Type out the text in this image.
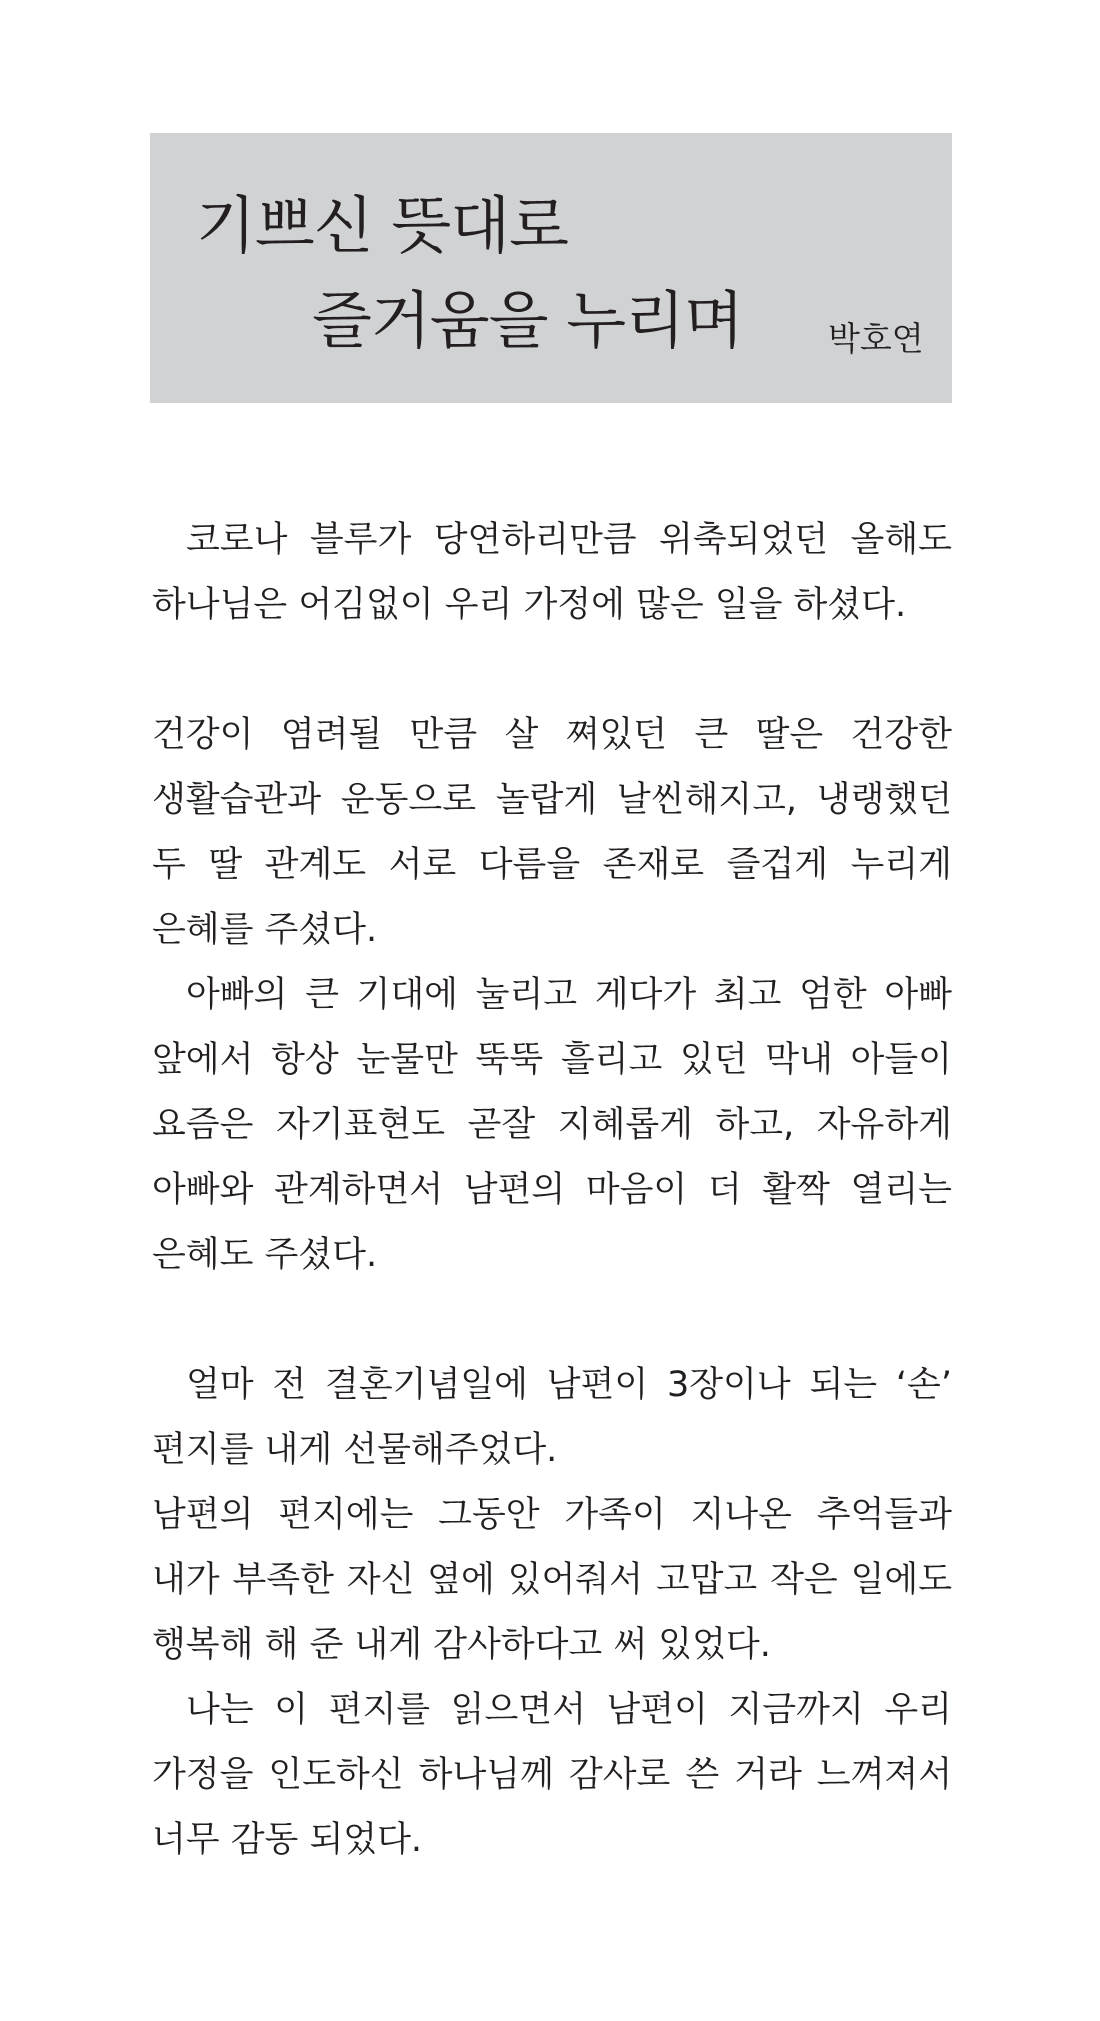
기쁘신 뜻대로
즐거움을 누리며	박호연

코로나 블루가 당연하리만큼 위축되었던 올해도 하나님은 어김없이 우리 가정에 많은 일을 하셨다.

건강이 염려될 만큼 살 쪄있던 큰 딸은 건강한 생활습관과 운동으로 놀랍게 날씬해지고, 냉랭했던 두 딸 관계도 서로 다름을 존재로 즐겁게 누리게 은혜를 주셨다.

아빠의 큰 기대에 눌리고 게다가 최고 엄한 아빠 앞에서 항상 눈물만 뚝뚝 흘리고 있던 막내 아들이 요즘은 자기표현도 곧잘 지혜롭게 하고, 자유하게 아빠와 관계하면서 남편의 마음이 더 활짝 열리는 은혜도 주셨다.

얼마 전 결혼기념일에 남편이 3장이나 되는 ‘손’ 편지를 내게 선물해주었다.

남편의 편지에는 그동안 가족이 지나온 추억들과 내가 부족한 자신 옆에 있어줘서 고맙고 작은 일에도 행복해 해 준 내게 감사하다고 써 있었다.

나는 이 편지를 읽으면서 남편이 지금까지 우리 가정을 인도하신 하나님께 감사로 쓴 거라 느껴져서 너무 감동 되었다.
